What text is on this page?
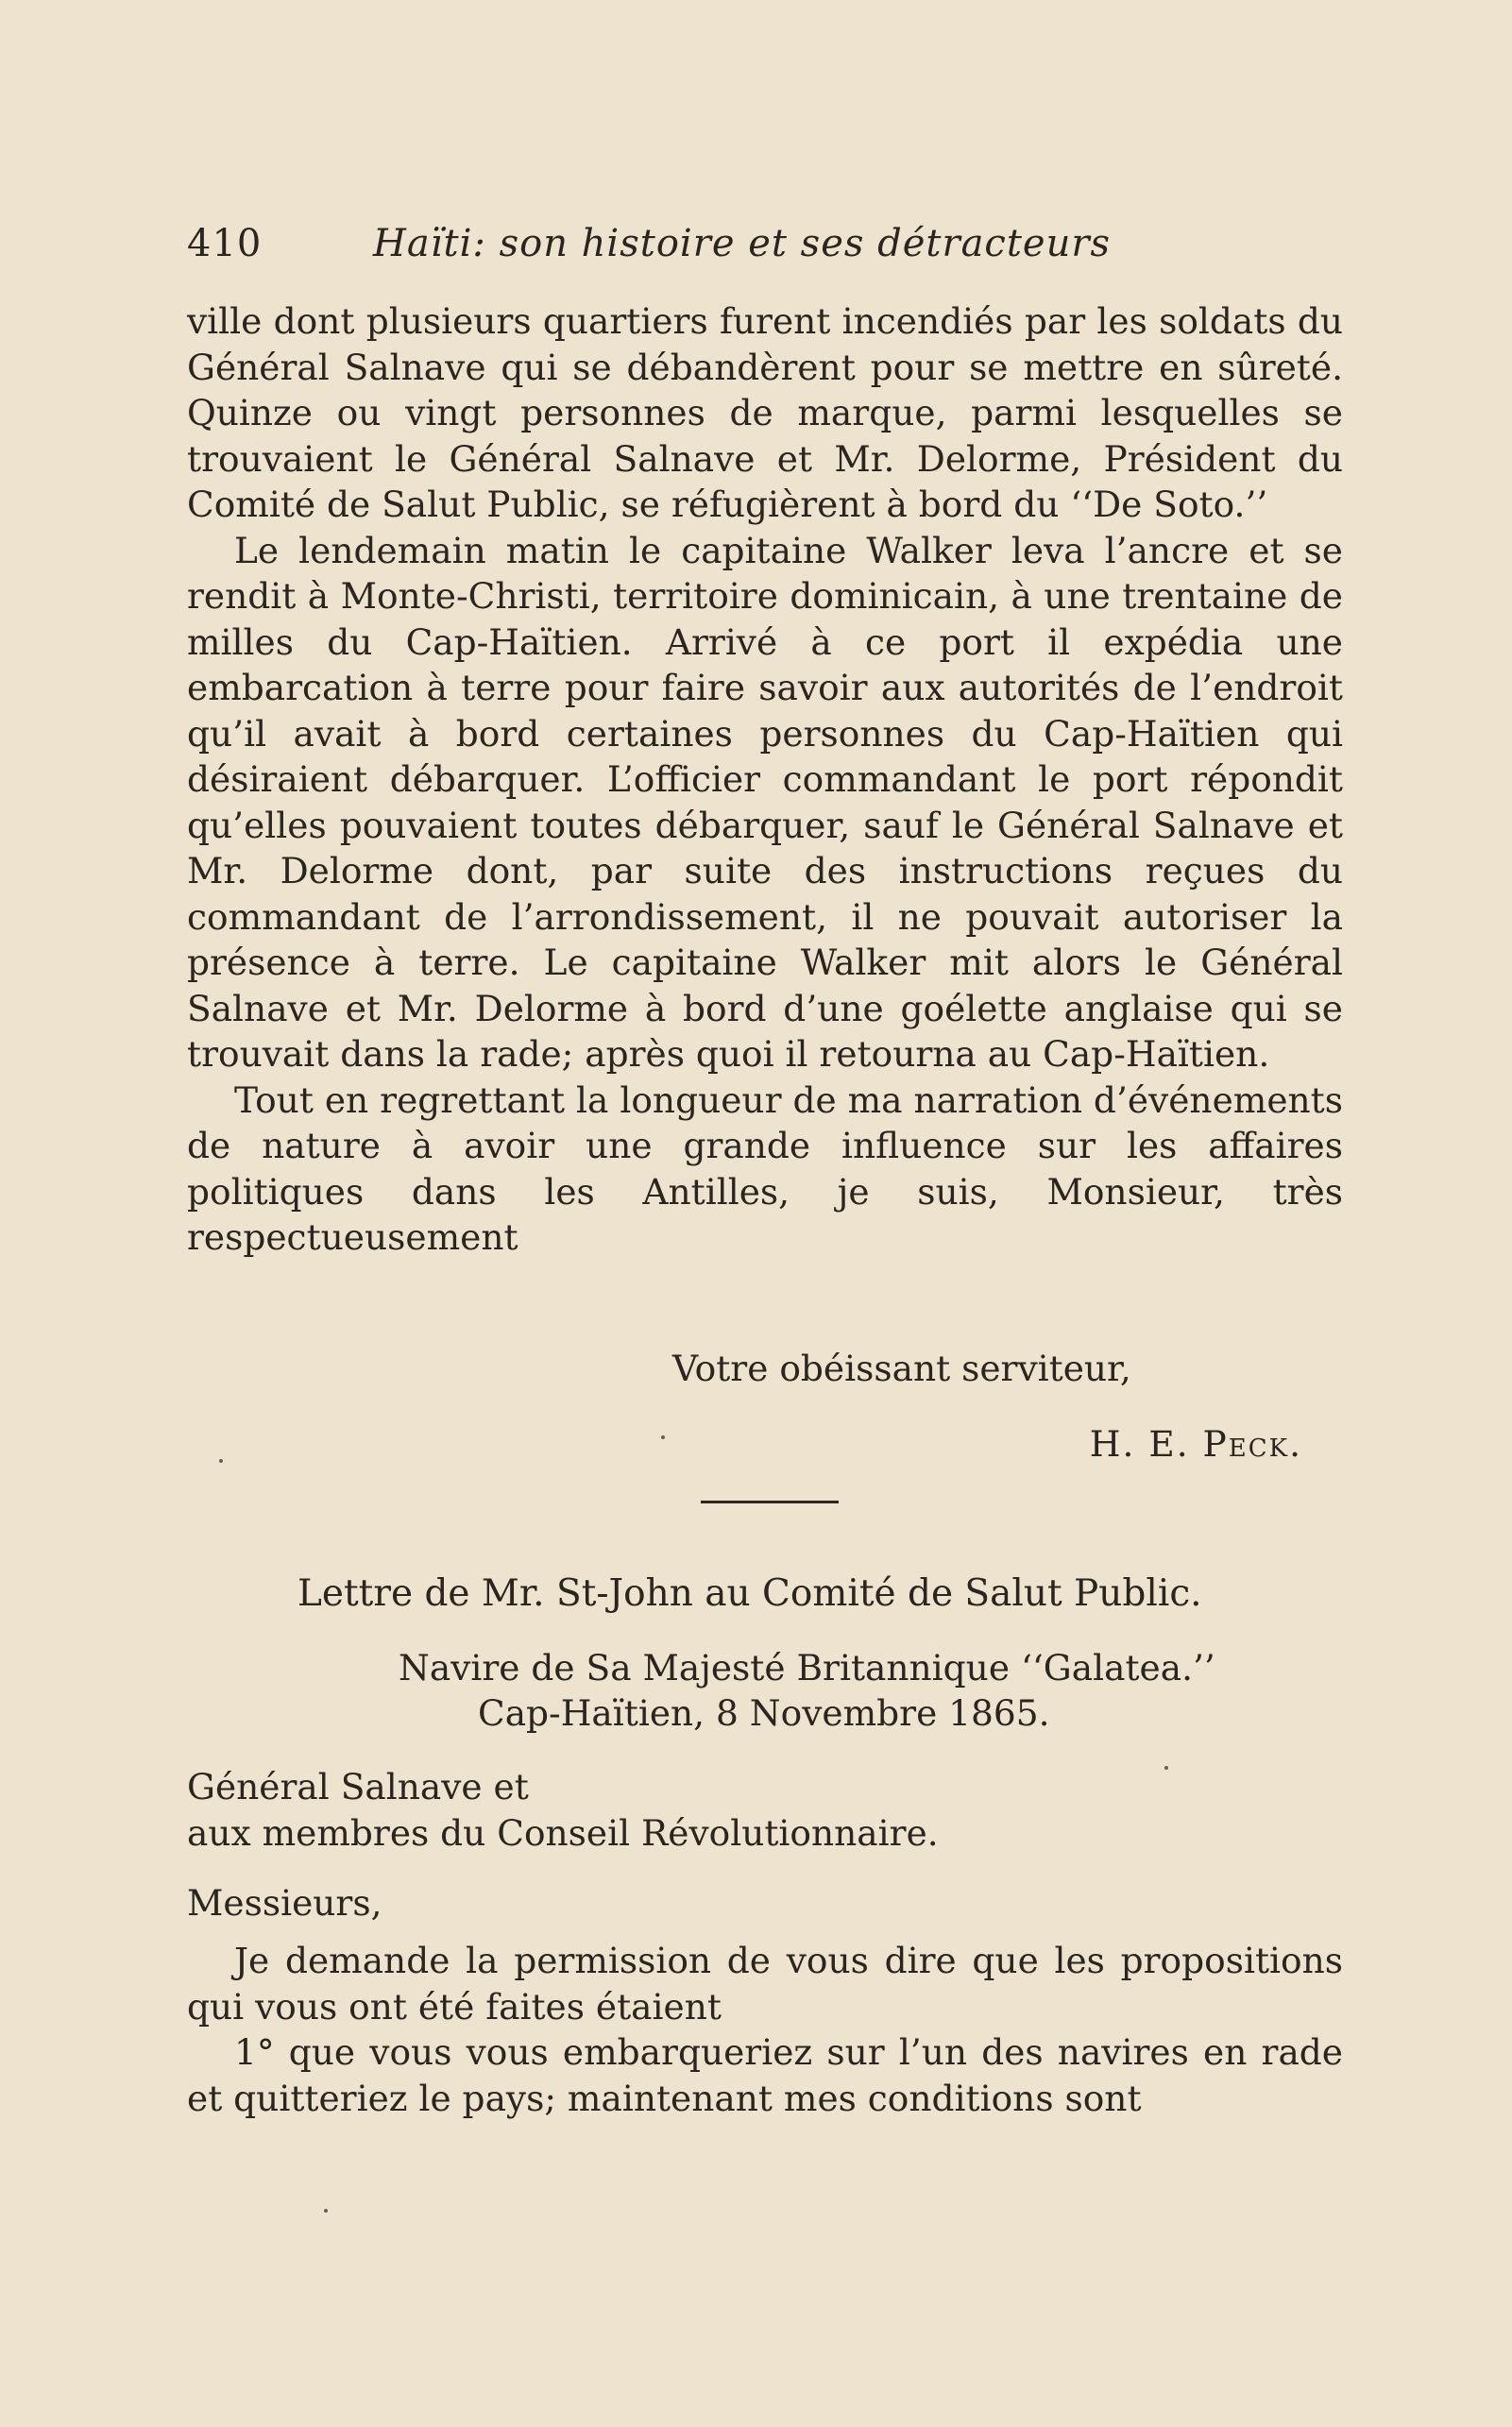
410	Haïti: son histoire et ses détracteurs

ville dont plusieurs quartiers furent incendiés par les soldats du Général Salnave qui se débandèrent pour se mettre en sûreté. Quinze ou vingt personnes de marque, parmi lesquelles se trouvaient le Général Salnave et Mr. Delorme, Président du Comité de Salut Public, se réfugièrent à bord du ‘‘De Soto.’’

Le lendemain matin le capitaine Walker leva l’ancre et se rendit à Monte-Christi, territoire dominicain, à une trentaine de milles du Cap-Haïtien. Arrivé à ce port il expédia une embarcation à terre pour faire savoir aux autorités de l’endroit qu’il avait à bord certaines personnes du Cap-Haïtien qui désiraient débarquer. L’officier commandant le port répondit qu’elles pouvaient toutes débarquer, sauf le Général Salnave et Mr. Delorme dont, par suite des instructions reçues du commandant de l’arrondissement, il ne pouvait autoriser la présence à terre. Le capitaine Walker mit alors le Général Salnave et Mr. Delorme à bord d’une goélette anglaise qui se trouvait dans la rade; après quoi il retourna au Cap-Haïtien.

Tout en regrettant la longueur de ma narration d’événements de nature à avoir une grande influence sur les affaires politiques dans les Antilles, je suis, Monsieur, très respectueusement

Votre obéissant serviteur,
H. E. Peck.
Lettre de Mr. St-John au Comité de Salut Public.
Navire de Sa Majesté Britannique ‘‘Galatea.’’
Cap-Haïtien, 8 Novembre 1865.
Général Salnave et
aux membres du Conseil Révolutionnaire.
Messieurs,

Je demande la permission de vous dire que les propositions qui vous ont été faites étaient

1° que vous vous embarqueriez sur l’un des navires en rade et quitteriez le pays; maintenant mes conditions sont
